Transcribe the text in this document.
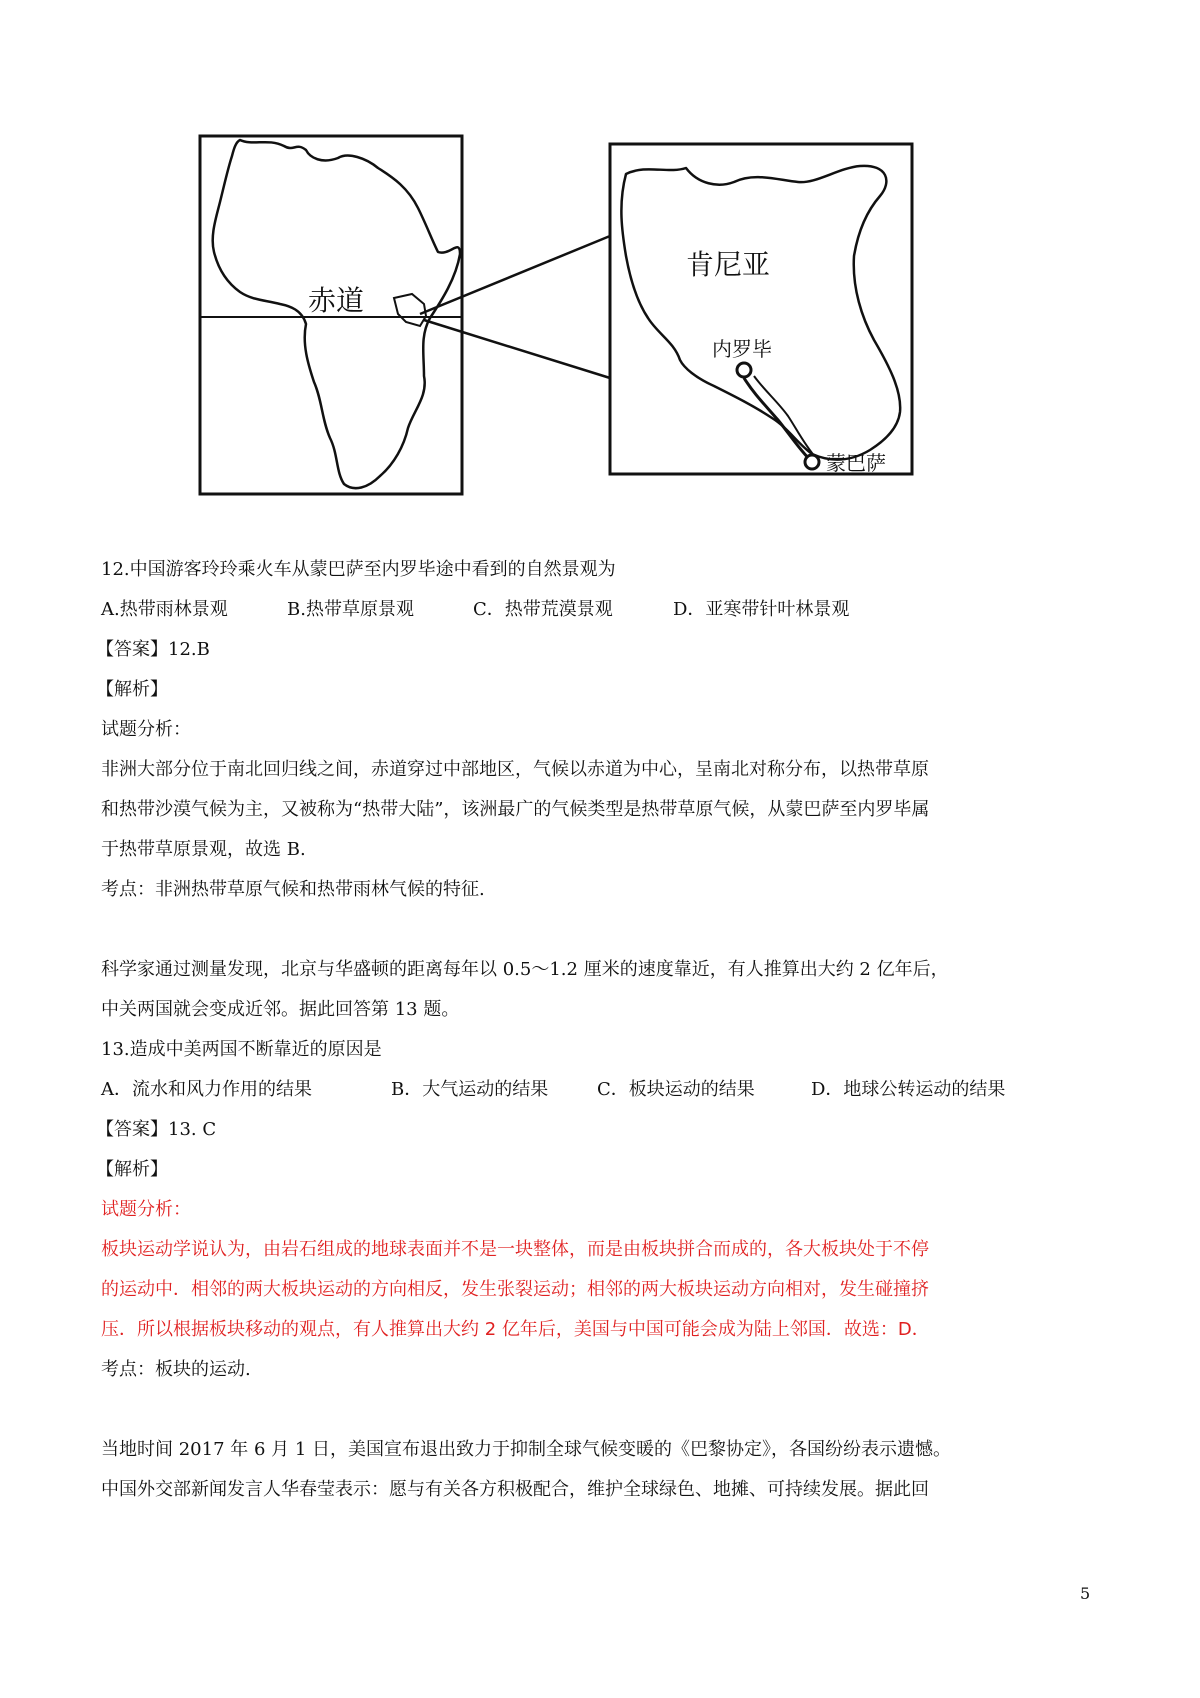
赤道
肯尼亚
内罗毕
蒙巴萨
12.中国游客玲玲乘火车从蒙巴萨至内罗毕途中看到的自然景观为
A.热带雨林景观	B.热带草原景观	C．热带荒漠景观	D．亚寒带针叶林景观
【答案】12.B
【解析】
试题分析：
非洲大部分位于南北回归线之间，赤道穿过中部地区，气候以赤道为中心，呈南北对称分布，以热带草原
和热带沙漠气候为主，又被称为“热带大陆”，该洲最广的气候类型是热带草原气候，从蒙巴萨至内罗毕属
于热带草原景观，故选 B.
考点：非洲热带草原气候和热带雨林气候的特征.
科学家通过测量发现，北京与华盛顿的距离每年以 0.5～1.2 厘米的速度靠近，有人推算出大约 2 亿年后，
中关两国就会变成近邻。据此回答第 13 题。
13.造成中美两国不断靠近的原因是
A．流水和风力作用的结果	B．大气运动的结果	C．板块运动的结果	D．地球公转运动的结果
【答案】13. C
【解析】
试题分析：
板块运动学说认为，由岩石组成的地球表面并不是一块整体，而是由板块拼合而成的，各大板块处于不停
的运动中．相邻的两大板块运动的方向相反，发生张裂运动；相邻的两大板块运动方向相对，发生碰撞挤
压．所以根据板块移动的观点，有人推算出大约 2 亿年后，美国与中国可能会成为陆上邻国．故选：D．
考点：板块的运动.
当地时间 2017 年 6 月 1 日，美国宣布退出致力于抑制全球气候变暖的《巴黎协定》，各国纷纷表示遗憾。
中国外交部新闻发言人华春莹表示：愿与有关各方积极配合，维护全球绿色、地摊、可持续发展。据此回
5
